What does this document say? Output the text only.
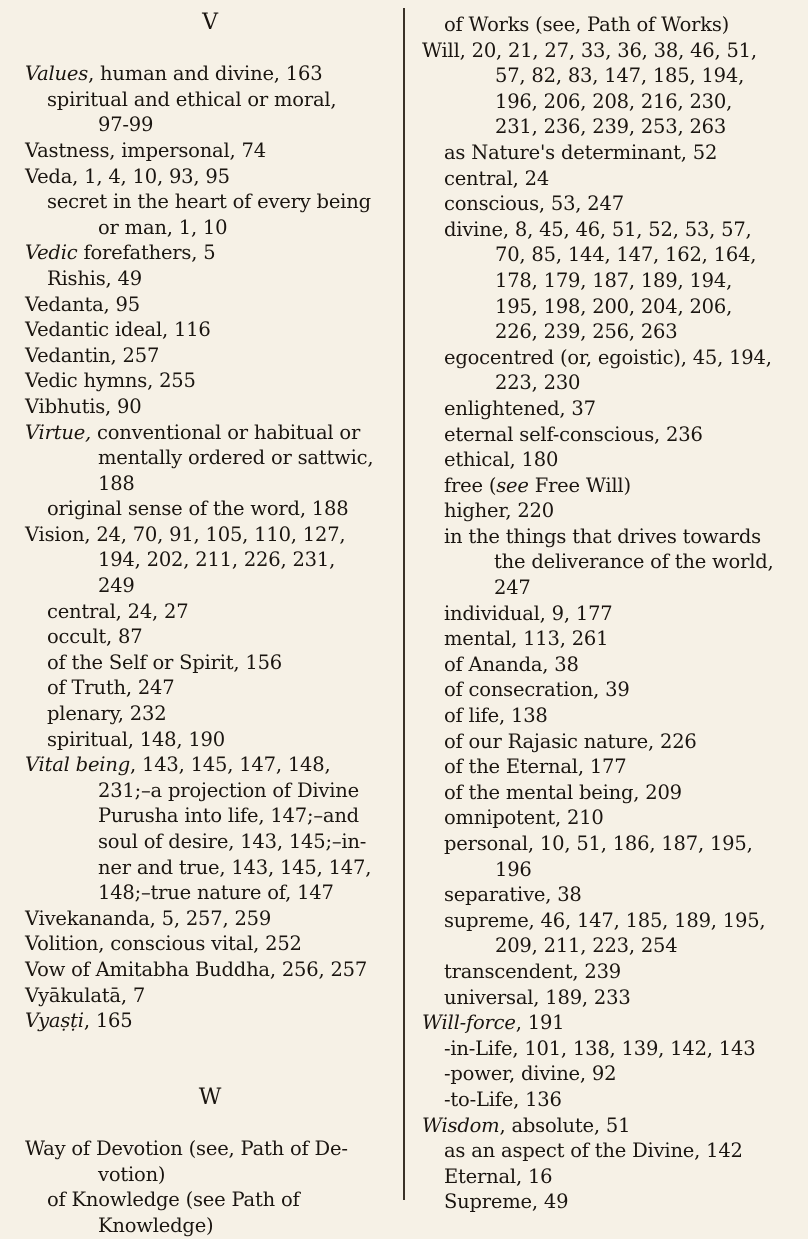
V
Values, human and divine, 163
spiritual and ethical or moral,
97-99
Vastness, impersonal, 74
Veda, 1, 4, 10, 93, 95
secret in the heart of every being
or man, 1, 10
Vedic forefathers, 5
Rishis, 49
Vedanta, 95
Vedantic ideal, 116
Vedantin, 257
Vedic hymns, 255
Vibhutis, 90
Virtue, conventional or habitual or
mentally ordered or sattwic,
188
original sense of the word, 188
Vision, 24, 70, 91, 105, 110, 127,
194, 202, 211, 226, 231,
249
central, 24, 27
occult, 87
of the Self or Spirit, 156
of Truth, 247
plenary, 232
spiritual, 148, 190
Vital being, 143, 145, 147, 148,
231;–a projection of Divine
Purusha into life, 147;–and
soul of desire, 143, 145;–in-
ner and true, 143, 145, 147,
148;–true nature of, 147
Vivekananda, 5, 257, 259
Volition, conscious vital, 252
Vow of Amitabha Buddha, 256, 257
Vyākulatā, 7
Vyaṣṭi, 165
W
Way of Devotion (see, Path of De-
votion)
of Knowledge (see Path of
Knowledge)
of Works (see, Path of Works)
Will, 20, 21, 27, 33, 36, 38, 46, 51,
57, 82, 83, 147, 185, 194,
196, 206, 208, 216, 230,
231, 236, 239, 253, 263
as Nature's determinant, 52
central, 24
conscious, 53, 247
divine, 8, 45, 46, 51, 52, 53, 57,
70, 85, 144, 147, 162, 164,
178, 179, 187, 189, 194,
195, 198, 200, 204, 206,
226, 239, 256, 263
egocentred (or, egoistic), 45, 194,
223, 230
enlightened, 37
eternal self-conscious, 236
ethical, 180
free (see Free Will)
higher, 220
in the things that drives towards
the deliverance of the world,
247
individual, 9, 177
mental, 113, 261
of Ananda, 38
of consecration, 39
of life, 138
of our Rajasic nature, 226
of the Eternal, 177
of the mental being, 209
omnipotent, 210
personal, 10, 51, 186, 187, 195,
196
separative, 38
supreme, 46, 147, 185, 189, 195,
209, 211, 223, 254
transcendent, 239
universal, 189, 233
Will-force, 191
-in-Life, 101, 138, 139, 142, 143
-power, divine, 92
-to-Life, 136
Wisdom, absolute, 51
as an aspect of the Divine, 142
Eternal, 16
Supreme, 49
